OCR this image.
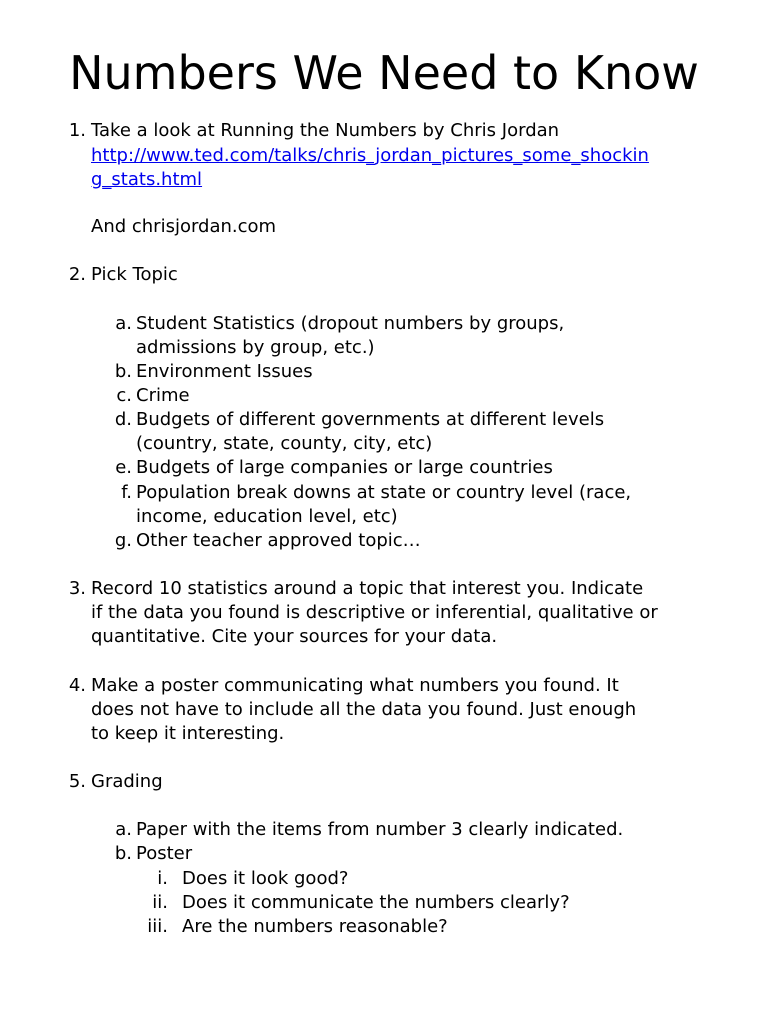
Numbers We Need to Know
1. Take a look at Running the Numbers by Chris Jordan
http://www.ted.com/talks/chris_jordan_pictures_some_shockin
g_stats.html
And chrisjordan.com
2. Pick Topic
a. Student Statistics (dropout numbers by groups,
admissions by group, etc.)
b. Environment Issues
c. Crime
d. Budgets of different governments at different levels
(country, state, county, city, etc)
e. Budgets of large companies or large countries
f. Population break downs at state or country level (race,
income, education level, etc)
g. Other teacher approved topic…
3. Record 10 statistics around a topic that interest you. Indicate
if the data you found is descriptive or inferential, qualitative or
quantitative. Cite your sources for your data.
4. Make a poster communicating what numbers you found. It
does not have to include all the data you found. Just enough
to keep it interesting.
5. Grading
a. Paper with the items from number 3 clearly indicated.
b. Poster
i. Does it look good?
ii. Does it communicate the numbers clearly?
iii. Are the numbers reasonable?
